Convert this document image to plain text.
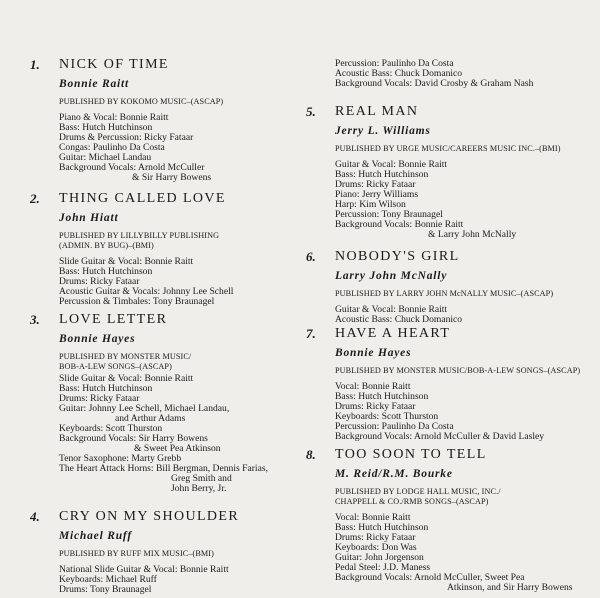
1. NICK OF TIME
Bonnie Raitt
PUBLISHED BY KOKOMO MUSIC–(ASCAP)
Piano & Vocal: Bonnie Raitt
Bass: Hutch Hutchinson
Drums & Percussion: Ricky Fataar
Congas: Paulinho Da Costa
Guitar: Michael Landau
Background Vocals: Arnold McCuller
& Sir Harry Bowens
2. THING CALLED LOVE
John Hiatt
PUBLISHED BY LILLYBILLY PUBLISHING
(ADMIN. BY BUG)–(BMI)
Slide Guitar & Vocal: Bonnie Raitt
Bass: Hutch Hutchinson
Drums: Ricky Fataar
Acoustic Guitar & Vocals: Johnny Lee Schell
Percussion & Timbales: Tony Braunagel
3. LOVE LETTER
Bonnie Hayes
PUBLISHED BY MONSTER MUSIC/
BOB-A-LEW SONGS–(ASCAP)
Slide Guitar & Vocal: Bonnie Raitt
Bass: Hutch Hutchinson
Drums: Ricky Fataar
Guitar: Johnny Lee Schell, Michael Landau,
and Arthur Adams
Keyboards: Scott Thurston
Background Vocals: Sir Harry Bowens
& Sweet Pea Atkinson
Tenor Saxophone: Marty Grebb
The Heart Attack Horns: Bill Bergman, Dennis Farias,
Greg Smith and
John Berry, Jr.
4. CRY ON MY SHOULDER
Michael Ruff
PUBLISHED BY RUFF MIX MUSIC–(BMI)
National Slide Guitar & Vocal: Bonnie Raitt
Keyboards: Michael Ruff
Drums: Tony Braunagel
Percussion: Paulinho Da Costa
Acoustic Bass: Chuck Domanico
Background Vocals: David Crosby & Graham Nash
5. REAL MAN
Jerry L. Williams
PUBLISHED BY URGE MUSIC/CAREERS MUSIC INC.–(BMI)
Guitar & Vocal: Bonnie Raitt
Bass: Hutch Hutchinson
Drums: Ricky Fataar
Piano: Jerry Williams
Harp: Kim Wilson
Percussion: Tony Braunagel
Background Vocals: Bonnie Raitt
& Larry John McNally
6. NOBODY'S GIRL
Larry John McNally
PUBLISHED BY LARRY JOHN McNALLY MUSIC–(ASCAP)
Guitar & Vocal: Bonnie Raitt
Acoustic Bass: Chuck Domanico
7. HAVE A HEART
Bonnie Hayes
PUBLISHED BY MONSTER MUSIC/BOB-A-LEW SONGS–(ASCAP)
Vocal: Bonnie Raitt
Bass: Hutch Hutchinson
Drums: Ricky Fataar
Keyboards: Scott Thurston
Percussion: Paulinho Da Costa
Background Vocals: Arnold McCuller & David Lasley
8. TOO SOON TO TELL
M. Reid/R.M. Bourke
PUBLISHED BY LODGE HALL MUSIC, INC./
CHAPPELL & CO./RMB SONGS–(ASCAP)
Vocal: Bonnie Raitt
Bass: Hutch Hutchinson
Drums: Ricky Fataar
Keyboards: Don Was
Guitar: John Jorgenson
Pedal Steel: J.D. Maness
Background Vocals: Arnold McCuller, Sweet Pea
Atkinson, and Sir Harry Bowens
